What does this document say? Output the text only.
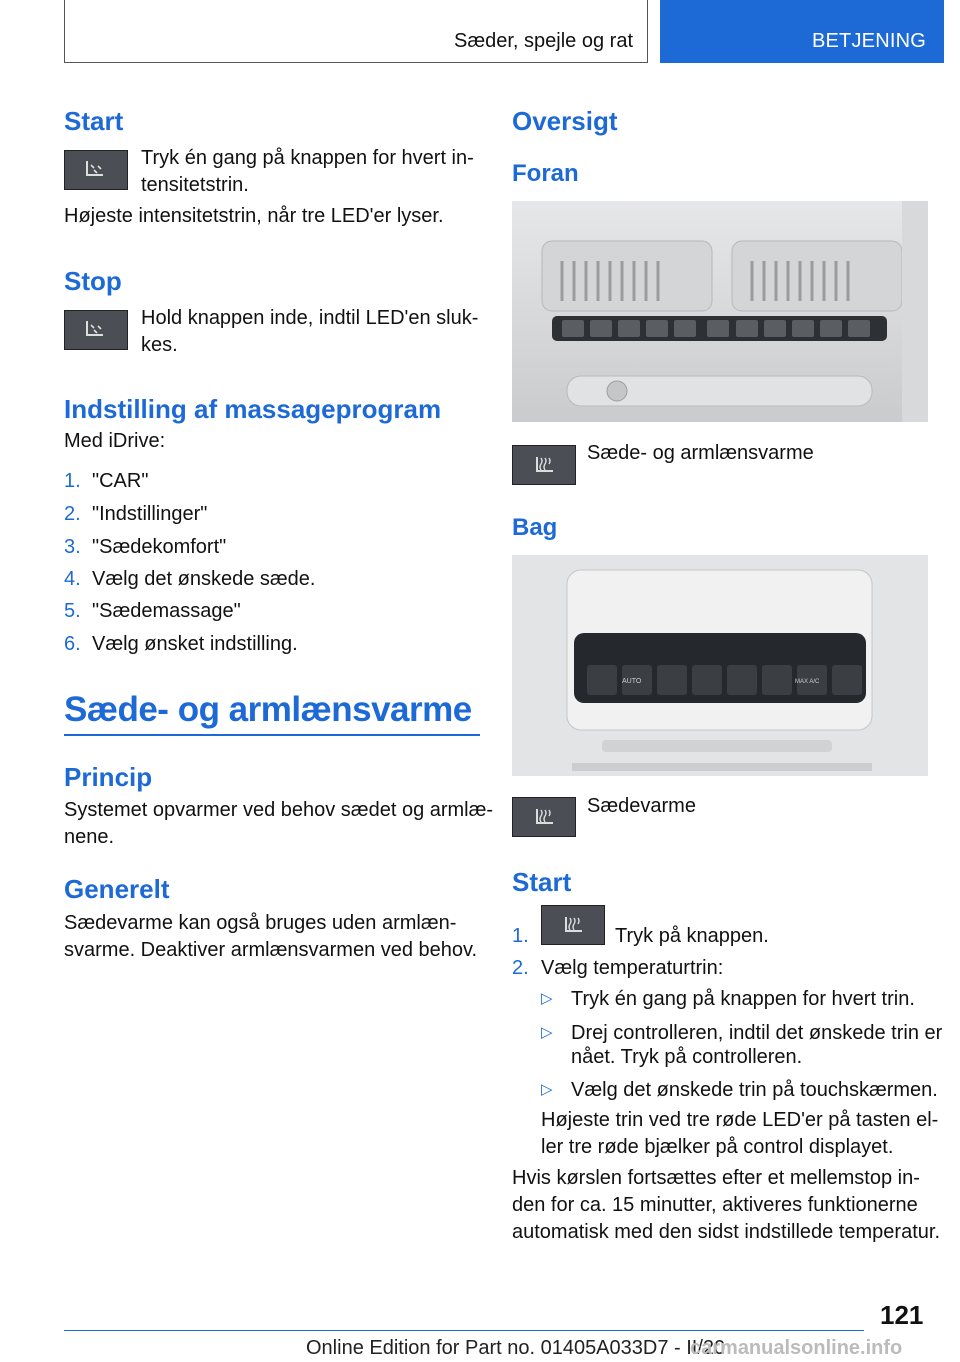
Sæder, spejle og rat	BETJENING
Start

Tryk én gang på knappen for hvert in-

tensitetstrin.

Højeste intensitetstrin, når tre LED'er lyser.

Stop

Hold knappen inde, indtil LED'en sluk-

kes.

Indstilling af massageprogram

Med iDrive:

1. "CAR"
2. "Indstillinger"
3. "Sædekomfort"
4. Vælg det ønskede sæde.
5. "Sædemassage"
6. Vælg ønsket indstilling.
Sæde- og armlænsvarme
Princip

Systemet opvarmer ved behov sædet og armlæ-

nene.

Generelt

Sædevarme kan også bruges uden armlæn-

svarme. Deaktiver armlænsvarmen ved behov.

Oversigt
Foran

Sæde- og armlænsvarme

Bag
AUTO	MAX A/C

Sædevarme

Start
1.	Tryk på knappen.
2. Vælg temperaturtrin:
▷ Tryk én gang på knappen for hvert trin.
▷ Drej controlleren, indtil det ønskede trin er
nået. Tryk på controlleren.
▷ Vælg det ønskede trin på touchskærmen.

Højeste trin ved tre røde LED'er på tasten el-

ler tre røde bjælker på control displayet.

Hvis kørslen fortsættes efter et mellemstop in-

den for ca. 15 minutter, aktiveres funktionerne

automatisk med den sidst indstillede temperatur.

121
Online Edition for Part no. 01405A033D7 - II/20
carmanualsonline.info
